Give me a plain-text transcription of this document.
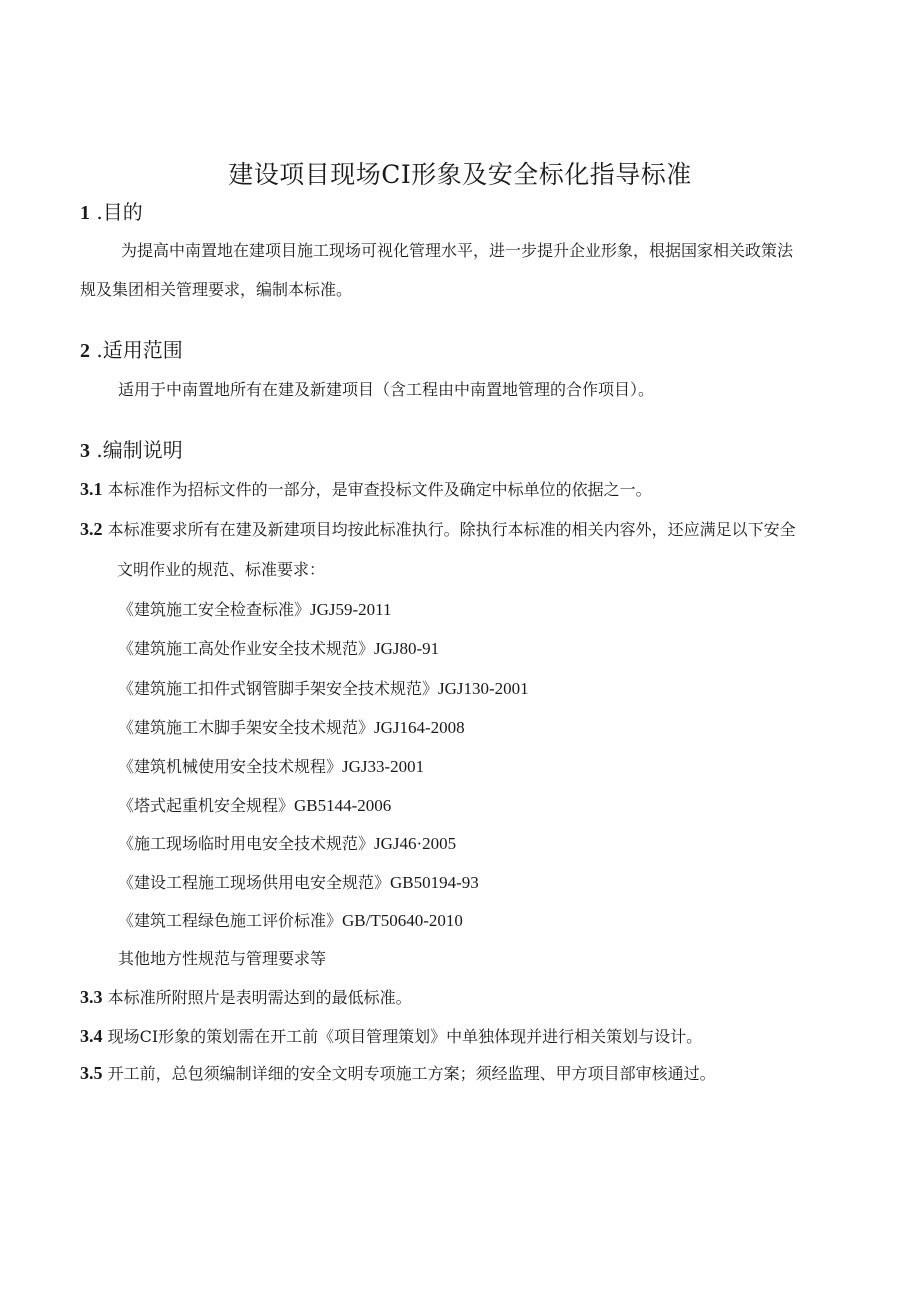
建设项目现场CI形象及安全标化指导标准
1 .目的
为提高中南置地在建项目施工现场可视化管理水平，进一步提升企业形象，根据国家相关政策法
规及集团相关管理要求，编制本标准。
2 .适用范围
适用于中南置地所有在建及新建项目（含工程由中南置地管理的合作项目）。
3 .编制说明
3.1 本标准作为招标文件的一部分，是审查投标文件及确定中标单位的依据之一。
3.2 本标准要求所有在建及新建项目均按此标准执行。除执行本标准的相关内容外，还应满足以下安全
文明作业的规范、标准要求：
《建筑施工安全检查标准》JGJ59-2011
《建筑施工高处作业安全技术规范》JGJ80-91
《建筑施工扣件式钢管脚手架安全技术规范》JGJ130-2001
《建筑施工木脚手架安全技术规范》JGJ164-2008
《建筑机械使用安全技术规程》JGJ33-2001
《塔式起重机安全规程》GB5144-2006
《施工现场临时用电安全技术规范》JGJ46·2005
《建设工程施工现场供用电安全规范》GB50194-93
《建筑工程绿色施工评价标准》GB/T50640-2010
其他地方性规范与管理要求等
3.3 本标准所附照片是表明需达到的最低标准。
3.4 现场CI形象的策划需在开工前《项目管理策划》中单独体现并进行相关策划与设计。
3.5 开工前，总包须编制详细的安全文明专项施工方案；须经监理、甲方项目部审核通过。
